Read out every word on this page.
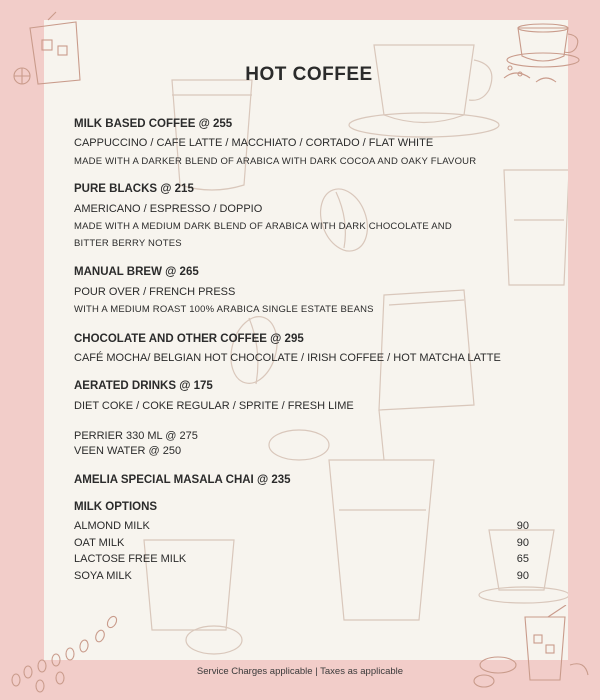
HOT COFFEE
MILK BASED COFFEE @ 255
CAPPUCCINO / CAFE LATTE / MACCHIATO / CORTADO / FLAT WHITE
MADE WITH A DARKER BLEND OF ARABICA WITH DARK COCOA AND OAKY FLAVOUR
PURE BLACKS @ 215
AMERICANO / ESPRESSO / DOPPIO
MADE WITH A MEDIUM DARK BLEND OF ARABICA WITH DARK CHOCOLATE AND
BITTER BERRY NOTES
MANUAL BREW @ 265
POUR OVER / FRENCH PRESS
WITH A MEDIUM ROAST 100% ARABICA SINGLE ESTATE BEANS
CHOCOLATE AND OTHER COFFEE @ 295
CAFÉ MOCHA/ BELGIAN HOT CHOCOLATE / IRISH COFFEE / HOT MATCHA LATTE
AERATED DRINKS @ 175
DIET COKE / COKE REGULAR / SPRITE / FRESH LIME
PERRIER 330 ML @ 275
VEEN WATER @ 250
AMELIA SPECIAL MASALA CHAI @ 235
MILK OPTIONS
ALMOND MILK	90
OAT MILK	90
LACTOSE FREE MILK	65
SOYA MILK	90
Service Charges applicable | Taxes as applicable
